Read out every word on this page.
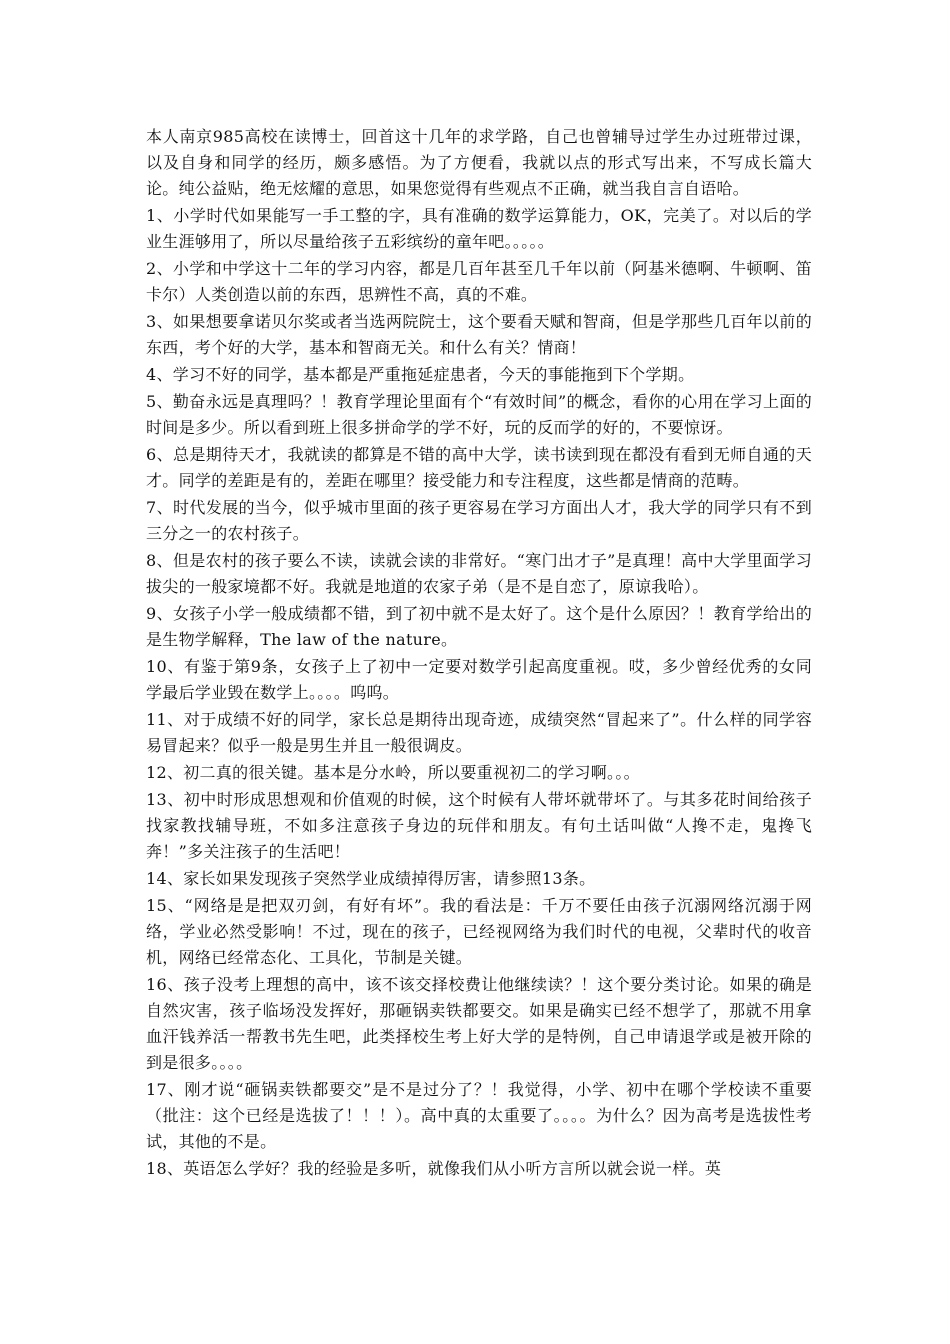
本人南京985高校在读博士，回首这十几年的求学路，自己也曾辅导过学生办过班带过课，以及自身和同学的经历，颇多感悟。为了方便看，我就以点的形式写出来，不写成长篇大论。纯公益贴，绝无炫耀的意思，如果您觉得有些观点不正确，就当我自言自语哈。

1、小学时代如果能写一手工整的字，具有准确的数学运算能力，OK，完美了。对以后的学业生涯够用了，所以尽量给孩子五彩缤纷的童年吧。。。。。

2、小学和中学这十二年的学习内容，都是几百年甚至几千年以前（阿基米德啊、牛顿啊、笛卡尔）人类创造以前的东西，思辨性不高，真的不难。

3、如果想要拿诺贝尔奖或者当选两院院士，这个要看天赋和智商，但是学那些几百年以前的东西，考个好的大学，基本和智商无关。和什么有关？情商！

4、学习不好的同学，基本都是严重拖延症患者，今天的事能拖到下个学期。

5、勤奋永远是真理吗？！教育学理论里面有个“有效时间”的概念，看你的心用在学习上面的时间是多少。所以看到班上很多拼命学的学不好，玩的反而学的好的，不要惊讶。

6、总是期待天才，我就读的都算是不错的高中大学，读书读到现在都没有看到无师自通的天才。同学的差距是有的，差距在哪里？接受能力和专注程度，这些都是情商的范畴。

7、时代发展的当今，似乎城市里面的孩子更容易在学习方面出人才，我大学的同学只有不到三分之一的农村孩子。

8、但是农村的孩子要么不读，读就会读的非常好。“寒门出才子”是真理！高中大学里面学习拔尖的一般家境都不好。我就是地道的农家子弟（是不是自恋了，原谅我哈）。

9、女孩子小学一般成绩都不错，到了初中就不是太好了。这个是什么原因？！教育学给出的是生物学解释，The law of the nature。

10、有鉴于第9条，女孩子上了初中一定要对数学引起高度重视。哎，多少曾经优秀的女同学最后学业毁在数学上。。。。呜呜。

11、对于成绩不好的同学，家长总是期待出现奇迹，成绩突然“冒起来了”。什么样的同学容易冒起来？似乎一般是男生并且一般很调皮。

12、初二真的很关键。基本是分水岭，所以要重视初二的学习啊。。。

13、初中时形成思想观和价值观的时候，这个时候有人带坏就带坏了。与其多花时间给孩子找家教找辅导班，不如多注意孩子身边的玩伴和朋友。有句土话叫做“人搀不走，鬼搀飞奔！”多关注孩子的生活吧！

14、家长如果发现孩子突然学业成绩掉得厉害，请参照13条。

15、“网络是是把双刃剑，有好有坏”。我的看法是：千万不要任由孩子沉溺网络沉溺于网络，学业必然受影响！不过，现在的孩子，已经视网络为我们时代的电视，父辈时代的收音机，网络已经常态化、工具化，节制是关键。

16、孩子没考上理想的高中，该不该交择校费让他继续读？！这个要分类讨论。如果的确是自然灾害，孩子临场没发挥好，那砸锅卖铁都要交。如果是确实已经不想学了，那就不用拿血汗钱养活一帮教书先生吧，此类择校生考上好大学的是特例，自己申请退学或是被开除的到是很多。。。。

17、刚才说“砸锅卖铁都要交”是不是过分了？！我觉得，小学、初中在哪个学校读不重要（批注：这个已经是选拔了！！！）。高中真的太重要了。。。。为什么？因为高考是选拔性考试，其他的不是。

18、英语怎么学好？我的经验是多听，就像我们从小听方言所以就会说一样。英
